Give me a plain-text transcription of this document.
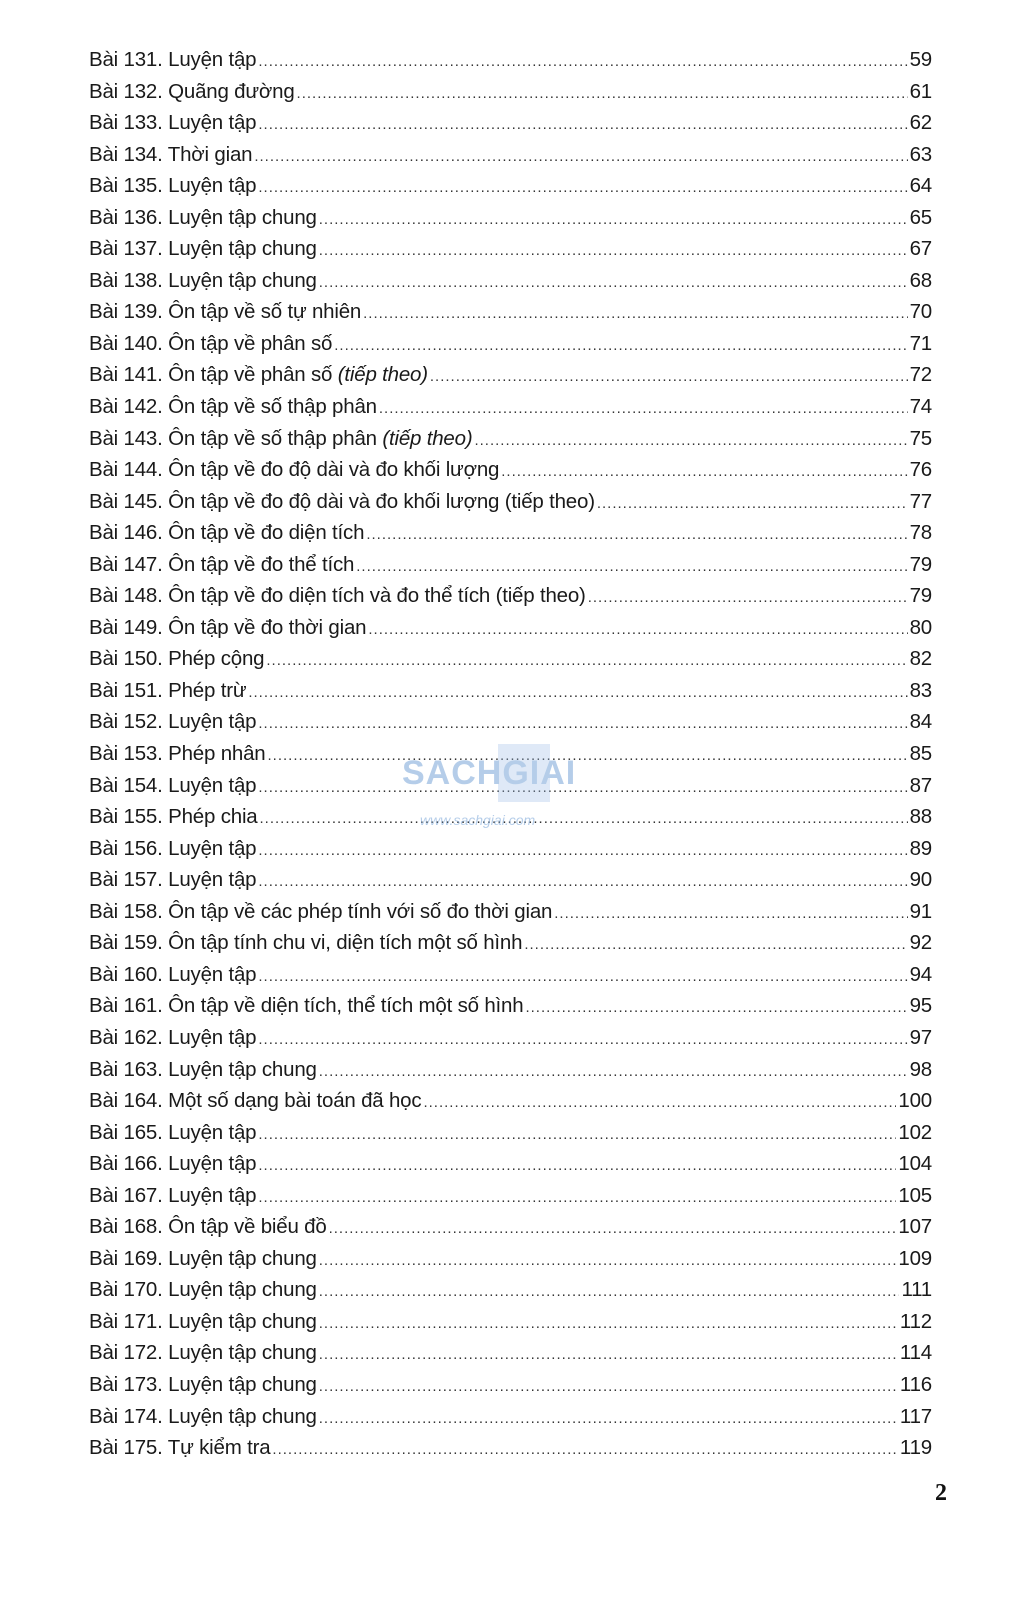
Bài 131. Luyện tập .....	59
Bài 132. Quãng đường .....	61
Bài 133. Luyện tập .....	62
Bài 134. Thời gian .....	63
Bài 135. Luyện tập .....	64
Bài 136. Luyện tập chung .....	65
Bài 137. Luyện tập chung .....	67
Bài 138. Luyện tập chung .....	68
Bài 139. Ôn tập về số tự nhiên .....	70
Bài 140. Ôn tập về phân số .....	71
Bài 141. Ôn tập về phân số (tiếp theo) .....	72
Bài 142. Ôn tập về số thập phân .....	74
Bài 143. Ôn tập về số thập phân (tiếp theo) .....	75
Bài 144. Ôn tập về đo độ dài và đo khối lượng .....	76
Bài 145. Ôn tập về đo độ dài và đo khối lượng (tiếp theo) .....	77
Bài 146. Ôn tập về đo diện tích .....	78
Bài 147. Ôn tập về đo thể tích .....	79
Bài 148. Ôn tập về đo diện tích và đo thể tích (tiếp theo) .....	79
Bài 149. Ôn tập về đo thời gian .....	80
Bài 150. Phép cộng .....	82
Bài 151. Phép trừ .....	83
Bài 152. Luyện tập .....	84
Bài 153. Phép nhân .....	85
Bài 154. Luyện tập .....	87
Bài 155. Phép chia .....	88
Bài 156. Luyện tập .....	89
Bài 157. Luyện tập .....	90
Bài 158. Ôn tập về các phép tính với số đo thời gian .....	91
Bài 159. Ôn tập tính chu vi, diện tích một số hình .....	92
Bài 160. Luyện tập .....	94
Bài 161. Ôn tập về diện tích, thể tích một số hình .....	95
Bài 162. Luyện tập .....	97
Bài 163. Luyện tập chung .....	98
Bài 164. Một số dạng bài toán đã học .....	100
Bài 165. Luyện tập .....	102
Bài 166. Luyện tập .....	104
Bài 167. Luyện tập .....	105
Bài 168. Ôn tập về biểu đồ .....	107
Bài 169. Luyện tập chung .....	109
Bài 170. Luyện tập chung .....	111
Bài 171. Luyện tập chung .....	112
Bài 172. Luyện tập chung .....	114
Bài 173. Luyện tập chung .....	116
Bài 174. Luyện tập chung .....	117
Bài 175. Tự kiểm tra .....	119
SACHGIAI
www.sachgiai.com
2
